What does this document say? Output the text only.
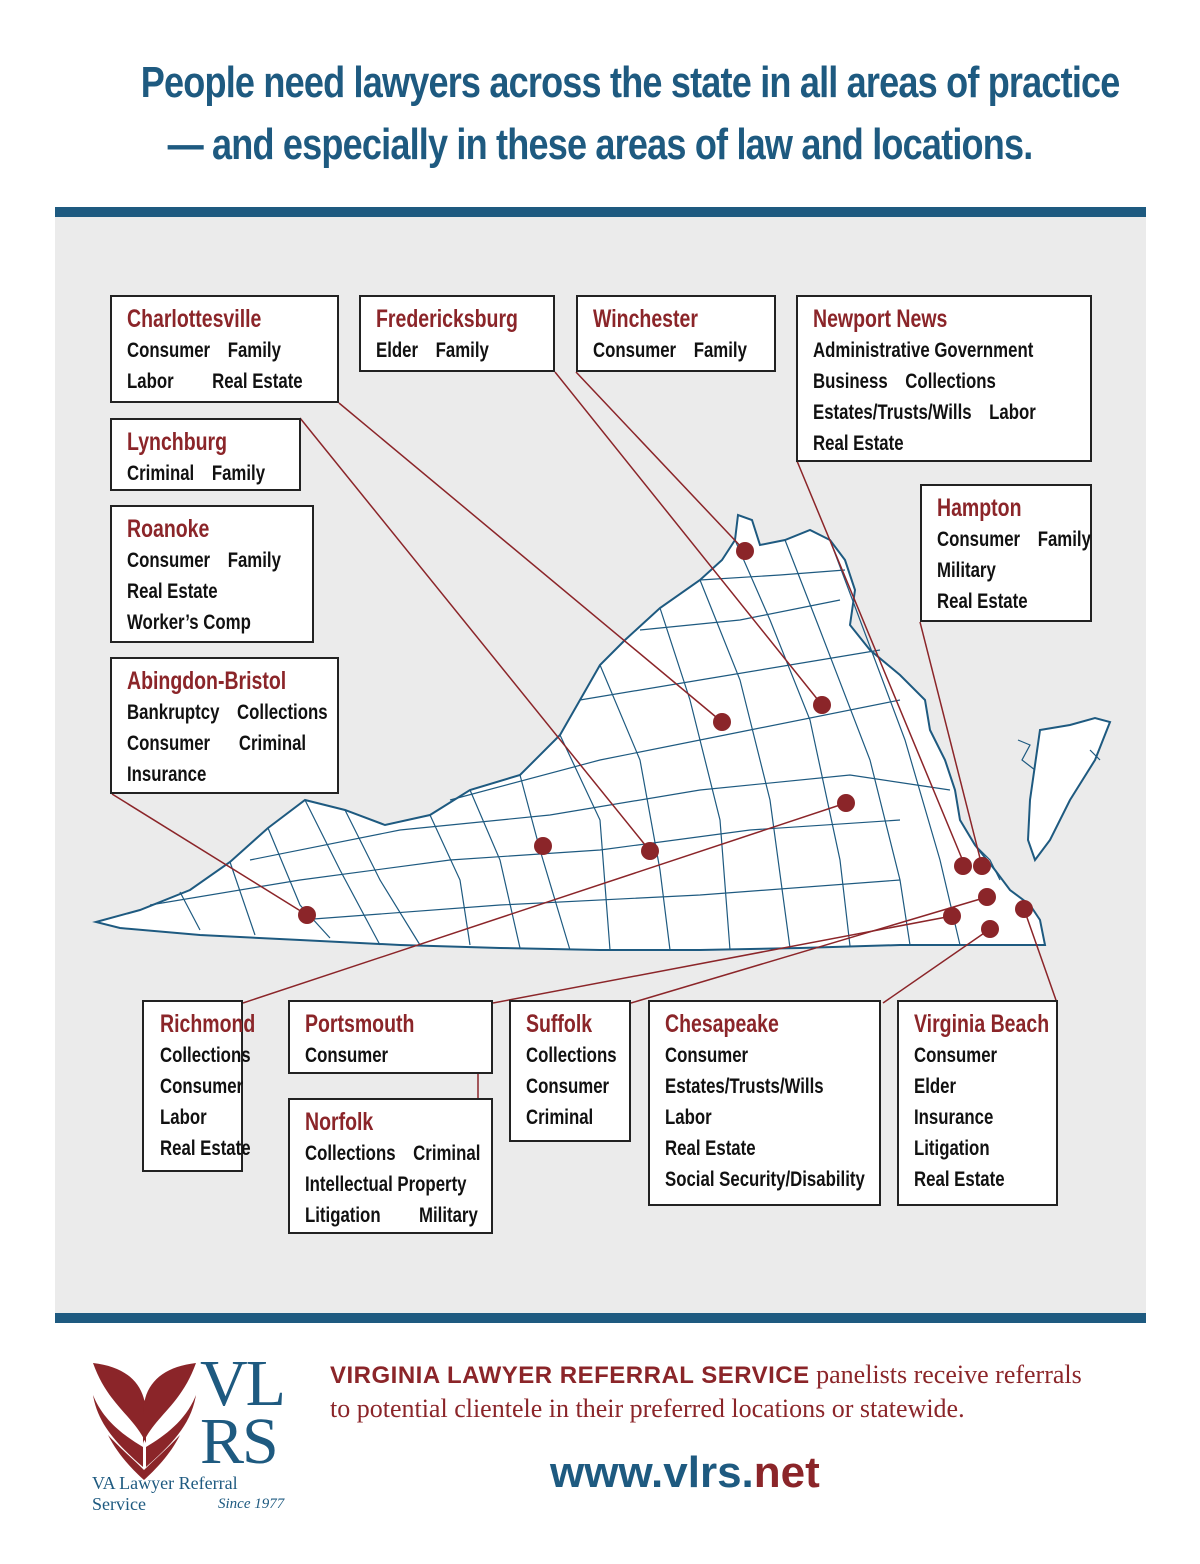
People need lawyers across the state in all areas of practice
— and especially in these areas of law and locations.
Charlottesville
Consumer Family
Labor Real Estate
Fredericksburg
Elder Family
Winchester
Consumer Family
Newport News
Administrative Government
Business Collections
Estates/Trusts/Wills Labor
Real Estate
Lynchburg
Criminal Family
Roanoke
Consumer Family
Real Estate
Worker’s Comp
Hampton
Consumer Family
Military
Real Estate
Abingdon-Bristol
Bankruptcy Collections
Consumer Criminal
Insurance
Richmond
Collections
Consumer
Labor
Real Estate
Portsmouth
Consumer
Norfolk
Collections Criminal
Intellectual Property
Litigation Military
Suffolk
Collections
Consumer
Criminal
Chesapeake
Consumer
Estates/Trusts/Wills
Labor
Real Estate
Social Security/Disability
Virginia Beach
Consumer
Elder
Insurance
Litigation
Real Estate
VL
RS
VA Lawyer Referral Service	Since 1977
VIRGINIA LAWYER REFERRAL SERVICE panelists receive referrals
to potential clientele in their preferred locations or statewide.
www.vlrs.net
